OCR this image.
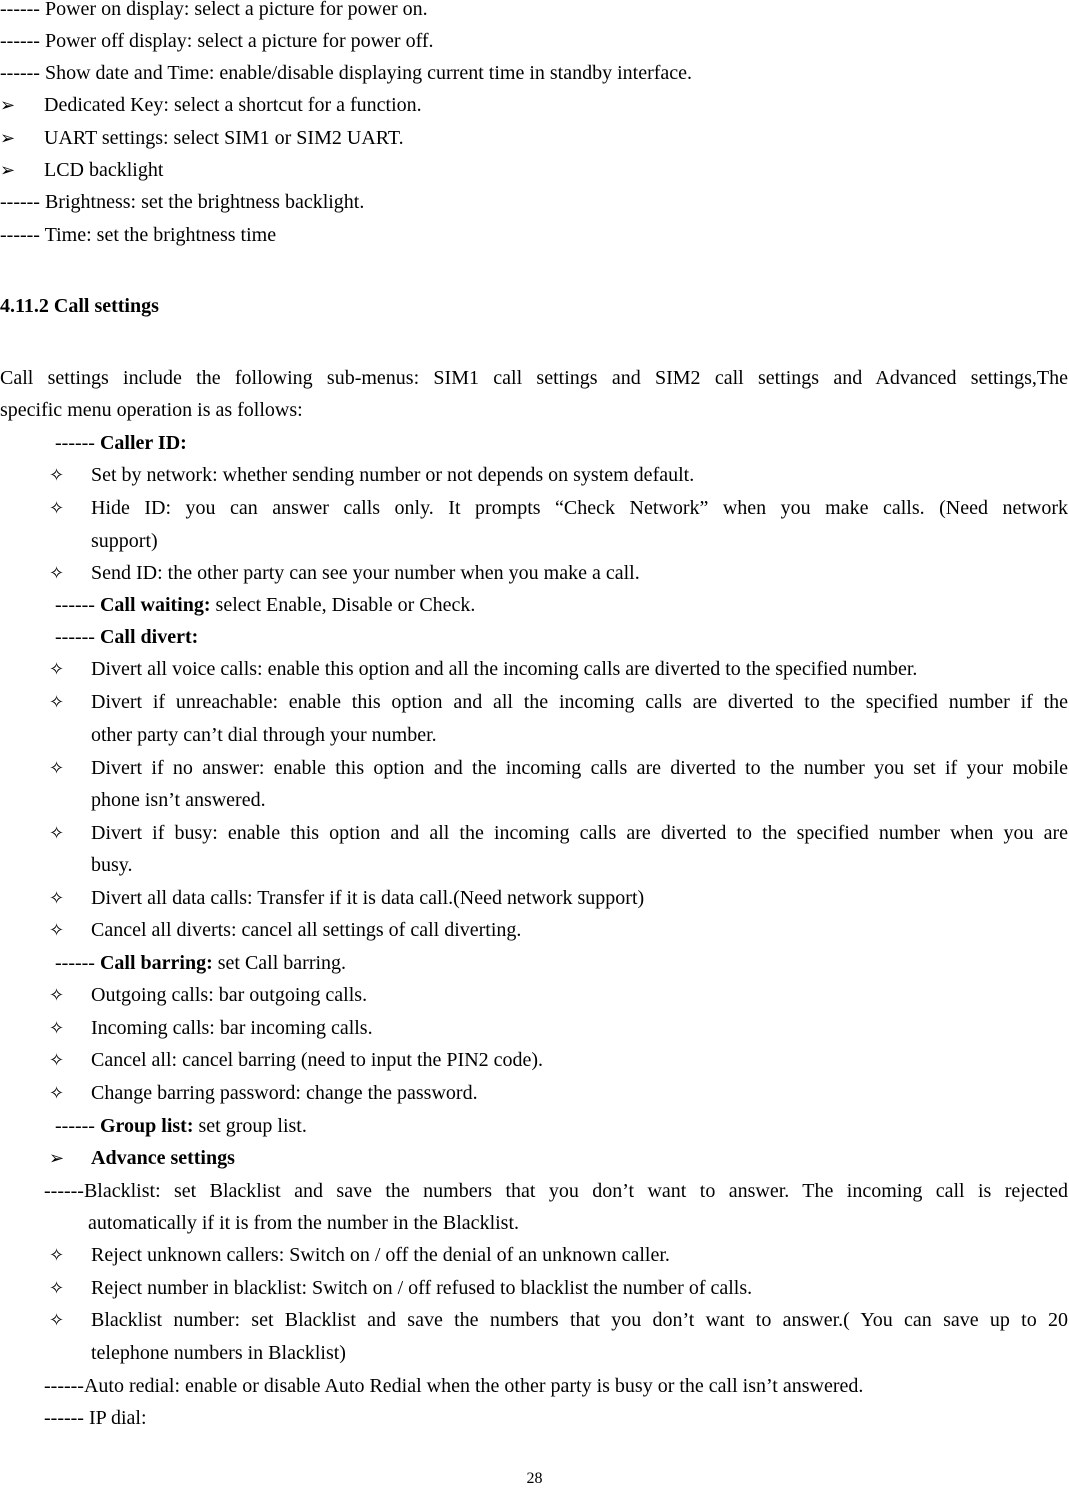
------ Power on display: select a picture for power on.
------ Power off display: select a picture for power off.
------ Show date and Time: enable/disable displaying current time in standby interface.
➢ Dedicated Key: select a shortcut for a function.
➢ UART settings: select SIM1 or SIM2 UART.
➢ LCD backlight
------ Brightness: set the brightness backlight.
------ Time: set the brightness time
4.11.2 Call settings
Call settings include the following sub-menus: SIM1 call settings and SIM2 call settings and Advanced settings,The
specific menu operation is as follows:
------ Caller ID:
✧ Set by network: whether sending number or not depends on system default.
✧ Hide ID: you can answer calls only. It prompts “Check Network” when you make calls. (Need network
support)
✧ Send ID: the other party can see your number when you make a call.
------ Call waiting: select Enable, Disable or Check.
------ Call divert:
✧ Divert all voice calls: enable this option and all the incoming calls are diverted to the specified number.
✧ Divert if unreachable: enable this option and all the incoming calls are diverted to the specified number if the
other party can’t dial through your number.
✧ Divert if no answer: enable this option and the incoming calls are diverted to the number you set if your mobile
phone isn’t answered.
✧ Divert if busy: enable this option and all the incoming calls are diverted to the specified number when you are
busy.
✧ Divert all data calls: Transfer if it is data call.(Need network support)
✧ Cancel all diverts: cancel all settings of call diverting.
------ Call barring: set Call barring.
✧ Outgoing calls: bar outgoing calls.
✧ Incoming calls: bar incoming calls.
✧ Cancel all: cancel barring (need to input the PIN2 code).
✧ Change barring password: change the password.
------ Group list: set group list.
➢ Advance settings
------Blacklist: set Blacklist and save the numbers that you don’t want to answer. The incoming call is rejected
automatically if it is from the number in the Blacklist.
✧ Reject unknown callers: Switch on / off the denial of an unknown caller.
✧ Reject number in blacklist: Switch on / off refused to blacklist the number of calls.
✧ Blacklist number: set Blacklist and save the numbers that you don’t want to answer.( You can save up to 20
telephone numbers in Blacklist)
------Auto redial: enable or disable Auto Redial when the other party is busy or the call isn’t answered.
------ IP dial:
28
